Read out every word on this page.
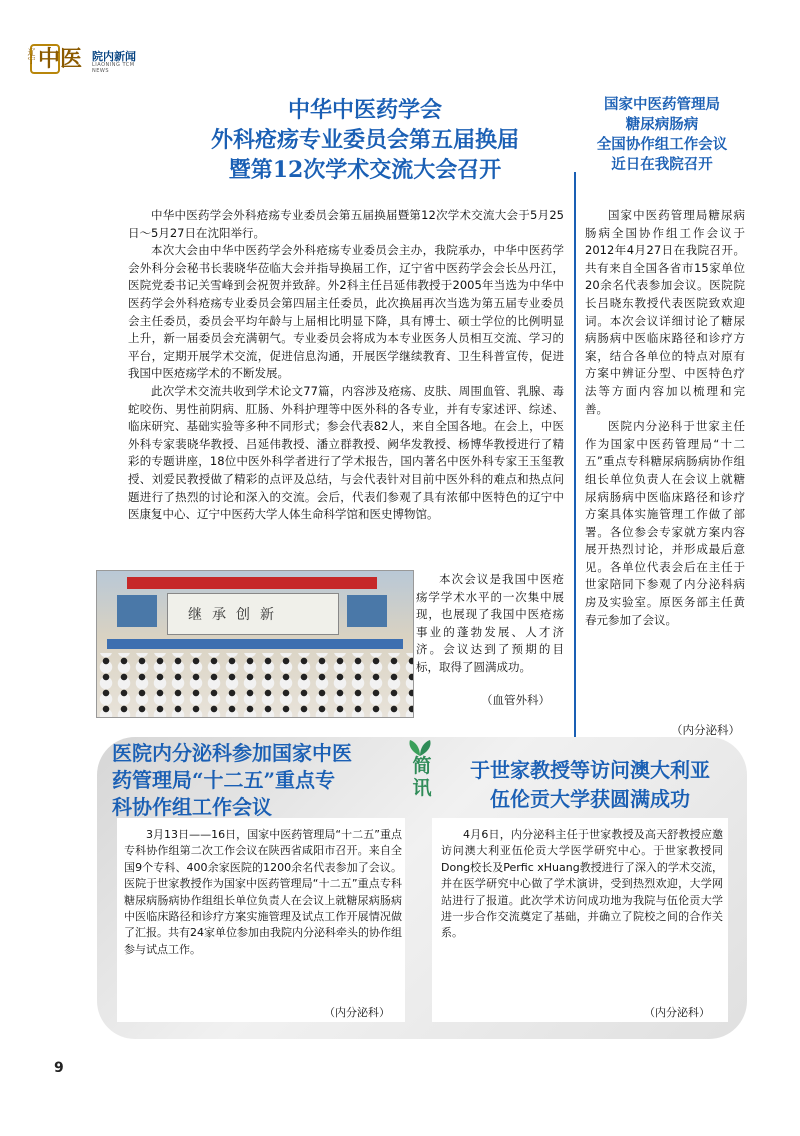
辽宁 中医 院内新闻
LIAONING TCM NEWS
中华中医药学会
外科疮疡专业委员会第五届换届
暨第12次学术交流大会召开

中华中医药学会外科疮疡专业委员会第五届换届暨第12次学术交流大会于5月25日～5月27日在沈阳举行。

本次大会由中华中医药学会外科疮疡专业委员会主办，我院承办，中华中医药学会外科分会秘书长裴晓华莅临大会并指导换届工作，辽宁省中医药学会会长丛丹江，医院党委书记关雪峰到会祝贺并致辞。外2科主任吕延伟教授于2005年当选为中华中医药学会外科疮疡专业委员会第四届主任委员，此次换届再次当选为第五届专业委员会主任委员，委员会平均年龄与上届相比明显下降，具有博士、硕士学位的比例明显上升，新一届委员会充满朝气。专业委员会将成为本专业医务人员相互交流、学习的平台，定期开展学术交流，促进信息沟通，开展医学继续教育、卫生科普宣传，促进我国中医疮疡学术的不断发展。

此次学术交流共收到学术论文77篇，内容涉及疮疡、皮肤、周围血管、乳腺、毒蛇咬伤、男性前阴病、肛肠、外科护理等中医外科的各专业，并有专家述评、综述、临床研究、基础实验等多种不同形式；参会代表82人，来自全国各地。在会上，中医外科专家裴晓华教授、吕延伟教授、潘立群教授、阙华发教授、杨博华教授进行了精彩的专题讲座，18位中医外科学者进行了学术报告，国内著名中医外科专家王玉玺教授、刘爱民教授做了精彩的点评及总结，与会代表针对目前中医外科的难点和热点问题进行了热烈的讨论和深入的交流。会后，代表们参观了具有浓郁中医特色的辽宁中医康复中心、辽宁中医药大学人体生命科学馆和医史博物馆。

继承创新

本次会议是我国中医疮疡学学术水平的一次集中展现，也展现了我国中医疮疡事业的蓬勃发展、人才济济。会议达到了预期的目标，取得了圆满成功。

（血管外科）
国家中医药管理局
糖尿病肠病
全国协作组工作会议
近日在我院召开

国家中医药管理局糖尿病肠病全国协作组工作会议于2012年4月27日在我院召开。共有来自全国各省市15家单位20余名代表参加会议。医院院长吕晓东教授代表医院致欢迎词。本次会议详细讨论了糖尿病肠病中医临床路径和诊疗方案，结合各单位的特点对原有方案中辨证分型、中医特色疗法等方面内容加以梳理和完善。

医院内分泌科于世家主任作为国家中医药管理局“十二五”重点专科糖尿病肠病协作组组长单位负责人在会议上就糖尿病肠病中医临床路径和诊疗方案具体实施管理工作做了部署。各位参会专家就方案内容展开热烈讨论，并形成最后意见。各单位代表会后在主任于世家陪同下参观了内分泌科病房及实验室。原医务部主任黄春元参加了会议。

（内分泌科）
简
讯
医院内分泌科参加国家中医
药管理局“十二五”重点专
科协作组工作会议
于世家教授等访问澳大利亚
伍伦贡大学获圆满成功

3月13日——16日，国家中医药管理局“十二五”重点专科协作组第二次工作会议在陕西省咸阳市召开。来自全国9个专科、400余家医院的1200余名代表参加了会议。医院于世家教授作为国家中医药管理局“十二五”重点专科糖尿病肠病协作组组长单位负责人在会议上就糖尿病肠病中医临床路径和诊疗方案实施管理及试点工作开展情况做了汇报。共有24家单位参加由我院内分泌科牵头的协作组参与试点工作。

（内分泌科）

4月6日，内分泌科主任于世家教授及高天舒教授应邀访问澳大利亚伍伦贡大学医学研究中心。于世家教授同Dong校长及Perfic xHuang教授进行了深入的学术交流，并在医学研究中心做了学术演讲，受到热烈欢迎，大学网站进行了报道。此次学术访问成功地为我院与伍伦贡大学进一步合作交流奠定了基础，并确立了院校之间的合作关系。

（内分泌科）
9
